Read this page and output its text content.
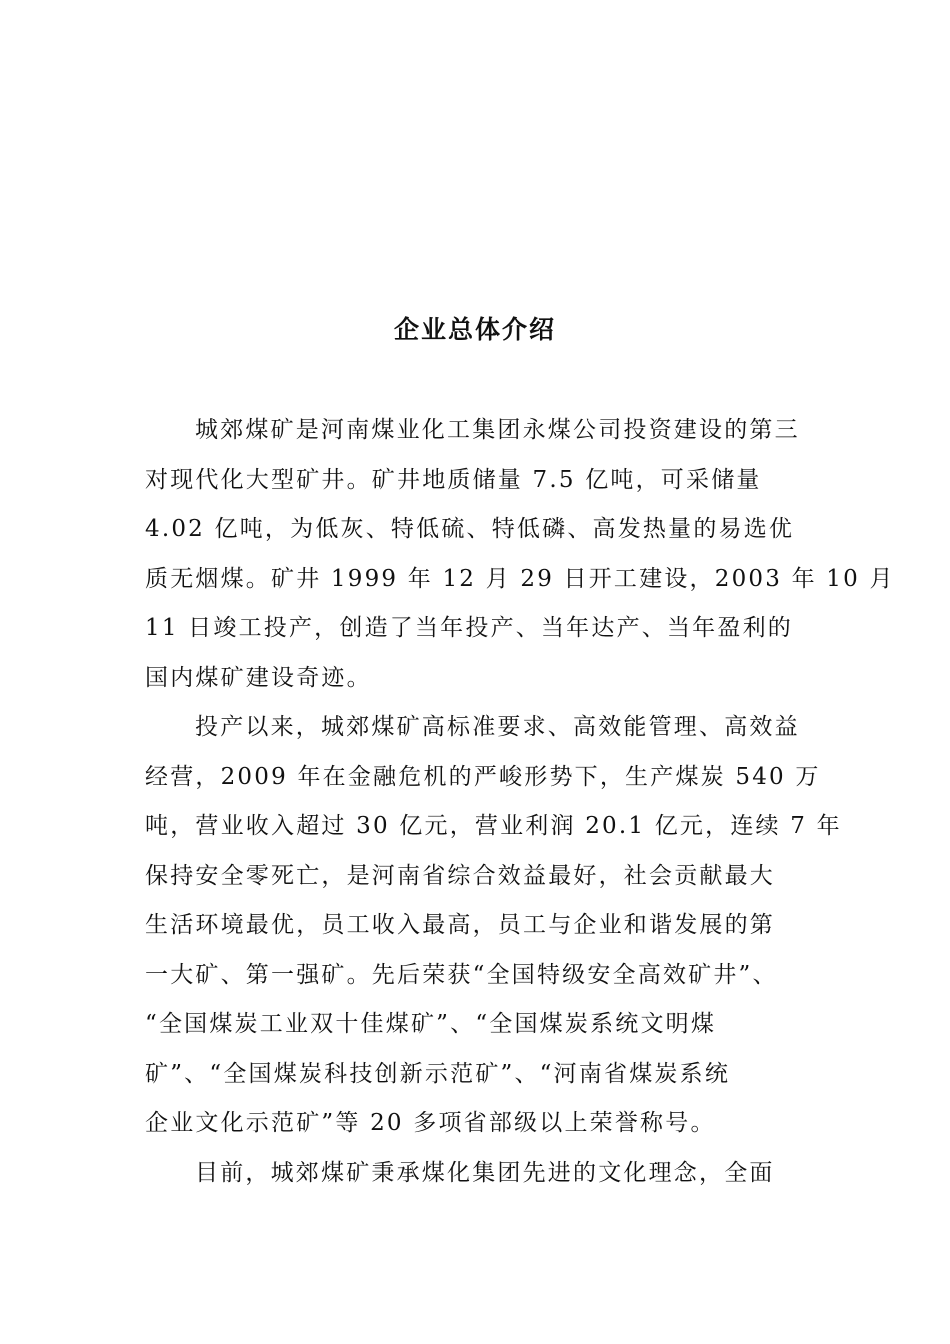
企业总体介绍
城郊煤矿是河南煤业化工集团永煤公司投资建设的第三
对现代化大型矿井。矿井地质储量 7.5 亿吨，可采储量
4.02 亿吨，为低灰、特低硫、特低磷、高发热量的易选优
质无烟煤。矿井 1999 年 12 月 29 日开工建设，2003 年 10 月
11 日竣工投产，创造了当年投产、当年达产、当年盈利的
国内煤矿建设奇迹。
投产以来，城郊煤矿高标准要求、高效能管理、高效益
经营，2009 年在金融危机的严峻形势下，生产煤炭 540 万
吨，营业收入超过 30 亿元，营业利润 20.1 亿元，连续 7 年
保持安全零死亡，是河南省综合效益最好，社会贡献最大
生活环境最优，员工收入最高，员工与企业和谐发展的第
一大矿、第一强矿。先后荣获“全国特级安全高效矿井”、
“全国煤炭工业双十佳煤矿”、“全国煤炭系统文明煤
矿”、“全国煤炭科技创新示范矿”、“河南省煤炭系统
企业文化示范矿”等 20 多项省部级以上荣誉称号。
目前，城郊煤矿秉承煤化集团先进的文化理念，全面
